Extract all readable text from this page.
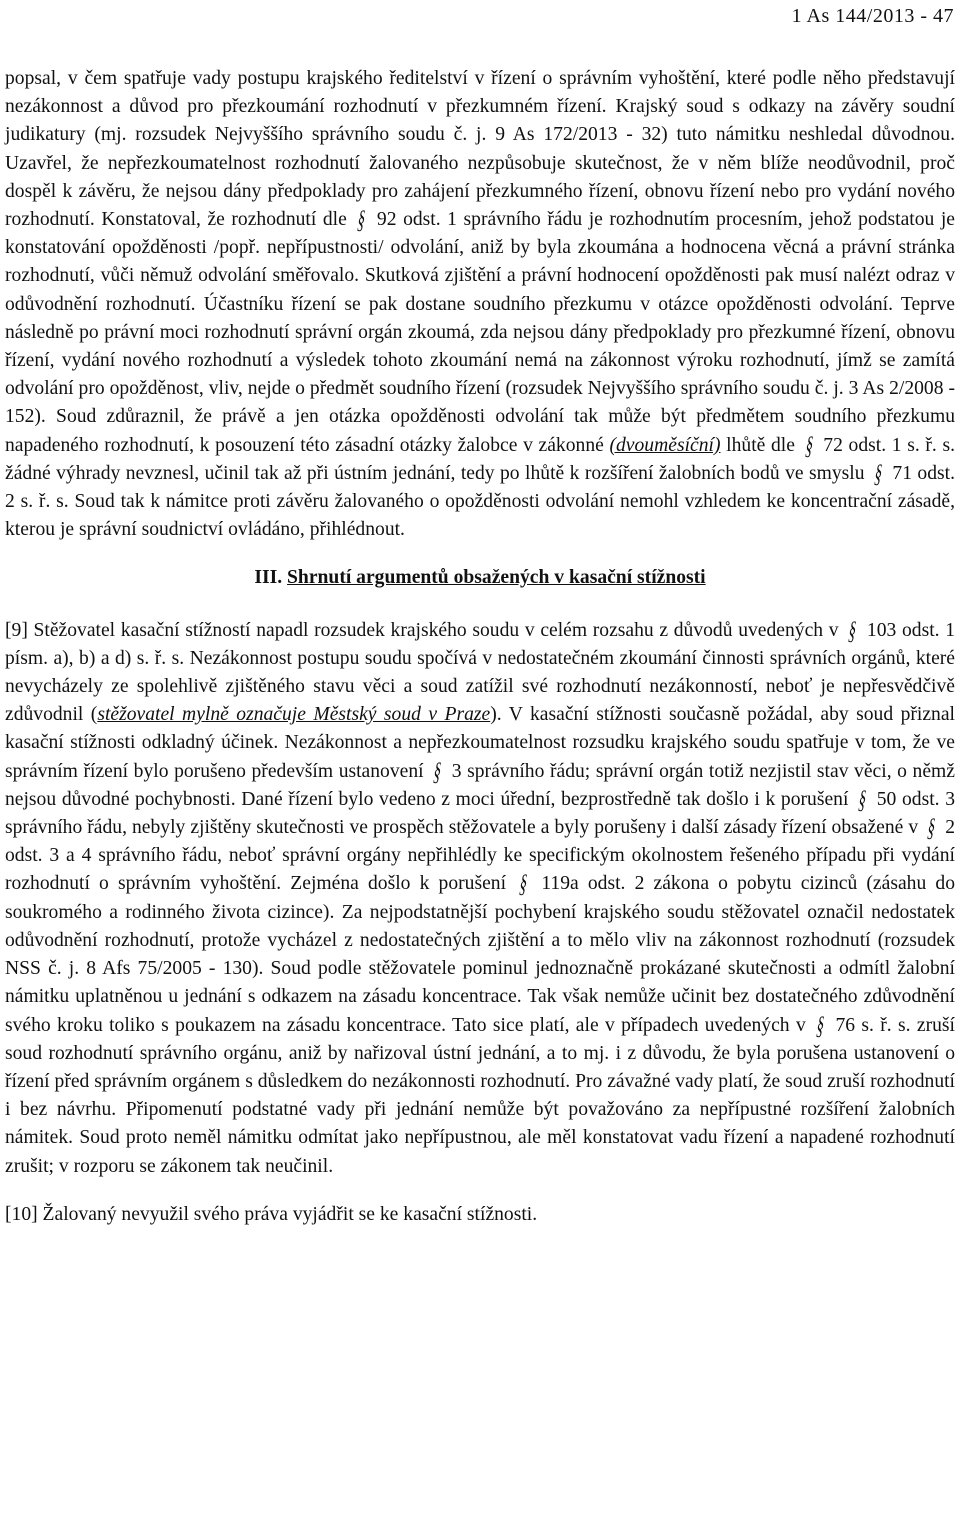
1 As 144/2013 - 47

popsal, v čem spatřuje vady postupu krajského ředitelství v řízení o správním vyhoštění, které podle něho představují nezákonnost a důvod pro přezkoumání rozhodnutí v přezkumném řízení. Krajský soud s odkazy na závěry soudní judikatury (mj. rozsudek Nejvyššího správního soudu č. j. 9 As 172/2013 - 32) tuto námitku neshledal důvodnou. Uzavřel, že nepřezkoumatelnost rozhodnutí žalovaného nezpůsobuje skutečnost, že v něm blíže neodůvodnil, proč dospěl k závěru, že nejsou dány předpoklady pro zahájení přezkumného řízení, obnovu řízení nebo pro vydání nového rozhodnutí. Konstatoval, že rozhodnutí dle § 92 odst. 1 správního řádu je rozhodnutím procesním, jehož podstatou je konstatování opožděnosti /popř. nepřípustnosti/ odvolání, aniž by byla zkoumána a hodnocena věcná a právní stránka rozhodnutí, vůči němuž odvolání směřovalo. Skutková zjištění a právní hodnocení opožděnosti pak musí nalézt odraz v odůvodnění rozhodnutí. Účastníku řízení se pak dostane soudního přezkumu v otázce opožděnosti odvolání. Teprve následně po právní moci rozhodnutí správní orgán zkoumá, zda nejsou dány předpoklady pro přezkumné řízení, obnovu řízení, vydání nového rozhodnutí a výsledek tohoto zkoumání nemá na zákonnost výroku rozhodnutí, jímž se zamítá odvolání pro opožděnost, vliv, nejde o předmět soudního řízení (rozsudek Nejvyššího správního soudu č. j. 3 As 2/2008 - 152). Soud zdůraznil, že právě a jen otázka opožděnosti odvolání tak může být předmětem soudního přezkumu napadeného rozhodnutí, k posouzení této zásadní otázky žalobce v zákonné (dvouměsíční) lhůtě dle § 72 odst. 1 s. ř. s. žádné výhrady nevznesl, učinil tak až při ústním jednání, tedy po lhůtě k rozšíření žalobních bodů ve smyslu § 71 odst. 2 s. ř. s. Soud tak k námitce proti závěru žalovaného o opožděnosti odvolání nemohl vzhledem ke koncentrační zásadě, kterou je správní soudnictví ovládáno, přihlédnout.

III. Shrnutí argumentů obsažených v kasační stížnosti

[9] Stěžovatel kasační stížností napadl rozsudek krajského soudu v celém rozsahu z důvodů uvedených v § 103 odst. 1 písm. a), b) a d) s. ř. s. Nezákonnost postupu soudu spočívá v nedostatečném zkoumání činnosti správních orgánů, které nevycházely ze spolehlivě zjištěného stavu věci a soud zatížil své rozhodnutí nezákonností, neboť je nepřesvědčivě zdůvodnil (stěžovatel mylně označuje Městský soud v Praze). V kasační stížnosti současně požádal, aby soud přiznal kasační stížnosti odkladný účinek. Nezákonnost a nepřezkoumatelnost rozsudku krajského soudu spatřuje v tom, že ve správním řízení bylo porušeno především ustanovení § 3 správního řádu; správní orgán totiž nezjistil stav věci, o němž nejsou důvodné pochybnosti. Dané řízení bylo vedeno z moci úřední, bezprostředně tak došlo i k porušení § 50 odst. 3 správního řádu, nebyly zjištěny skutečnosti ve prospěch stěžovatele a byly porušeny i další zásady řízení obsažené v § 2 odst. 3 a 4 správního řádu, neboť správní orgány nepřihlédly ke specifickým okolnostem řešeného případu při vydání rozhodnutí o správním vyhoštění. Zejména došlo k porušení § 119a odst. 2 zákona o pobytu cizinců (zásahu do soukromého a rodinného života cizince). Za nejpodstatnější pochybení krajského soudu stěžovatel označil nedostatek odůvodnění rozhodnutí, protože vycházel z nedostatečných zjištění a to mělo vliv na zákonnost rozhodnutí (rozsudek NSS č. j. 8 Afs 75/2005 - 130). Soud podle stěžovatele pominul jednoznačně prokázané skutečnosti a odmítl žalobní námitku uplatněnou u jednání s odkazem na zásadu koncentrace. Tak však nemůže učinit bez dostatečného zdůvodnění svého kroku toliko s poukazem na zásadu koncentrace. Tato sice platí, ale v případech uvedených v § 76 s. ř. s. zruší soud rozhodnutí správního orgánu, aniž by nařizoval ústní jednání, a to mj. i z důvodu, že byla porušena ustanovení o řízení před správním orgánem s důsledkem do nezákonnosti rozhodnutí. Pro závažné vady platí, že soud zruší rozhodnutí i bez návrhu. Připomenutí podstatné vady při jednání nemůže být považováno za nepřípustné rozšíření žalobních námitek. Soud proto neměl námitku odmítat jako nepřípustnou, ale měl konstatovat vadu řízení a napadené rozhodnutí zrušit; v rozporu se zákonem tak neučinil.

[10] Žalovaný nevyužil svého práva vyjádřit se ke kasační stížnosti.
